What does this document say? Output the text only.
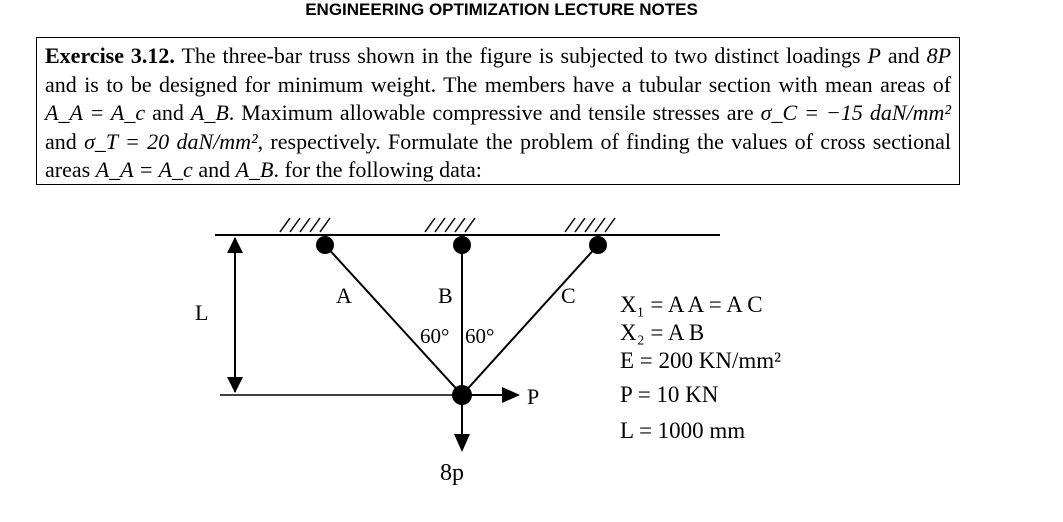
ENGINEERING OPTIMIZATION LECTURE NOTES
Exercise 3.12. The three-bar truss shown in the figure is subjected to two distinct loadings P and 8P and is to be designed for minimum weight. The members have a tubular section with mean areas of A_A = A_c and A_B. Maximum allowable compressive and tensile stresses are σ_C = −15 daN/mm² and σ_T = 20 daN/mm², respectively. Formulate the problem of finding the values of cross sectional areas A_A = A_c and A_B. for the following data:
L
A	B	C
60° 60°
P
8p
X₁ = A A = A C
X₂ = A B
E = 200 KN/mm²
P = 10 KN
L = 1000 mm
